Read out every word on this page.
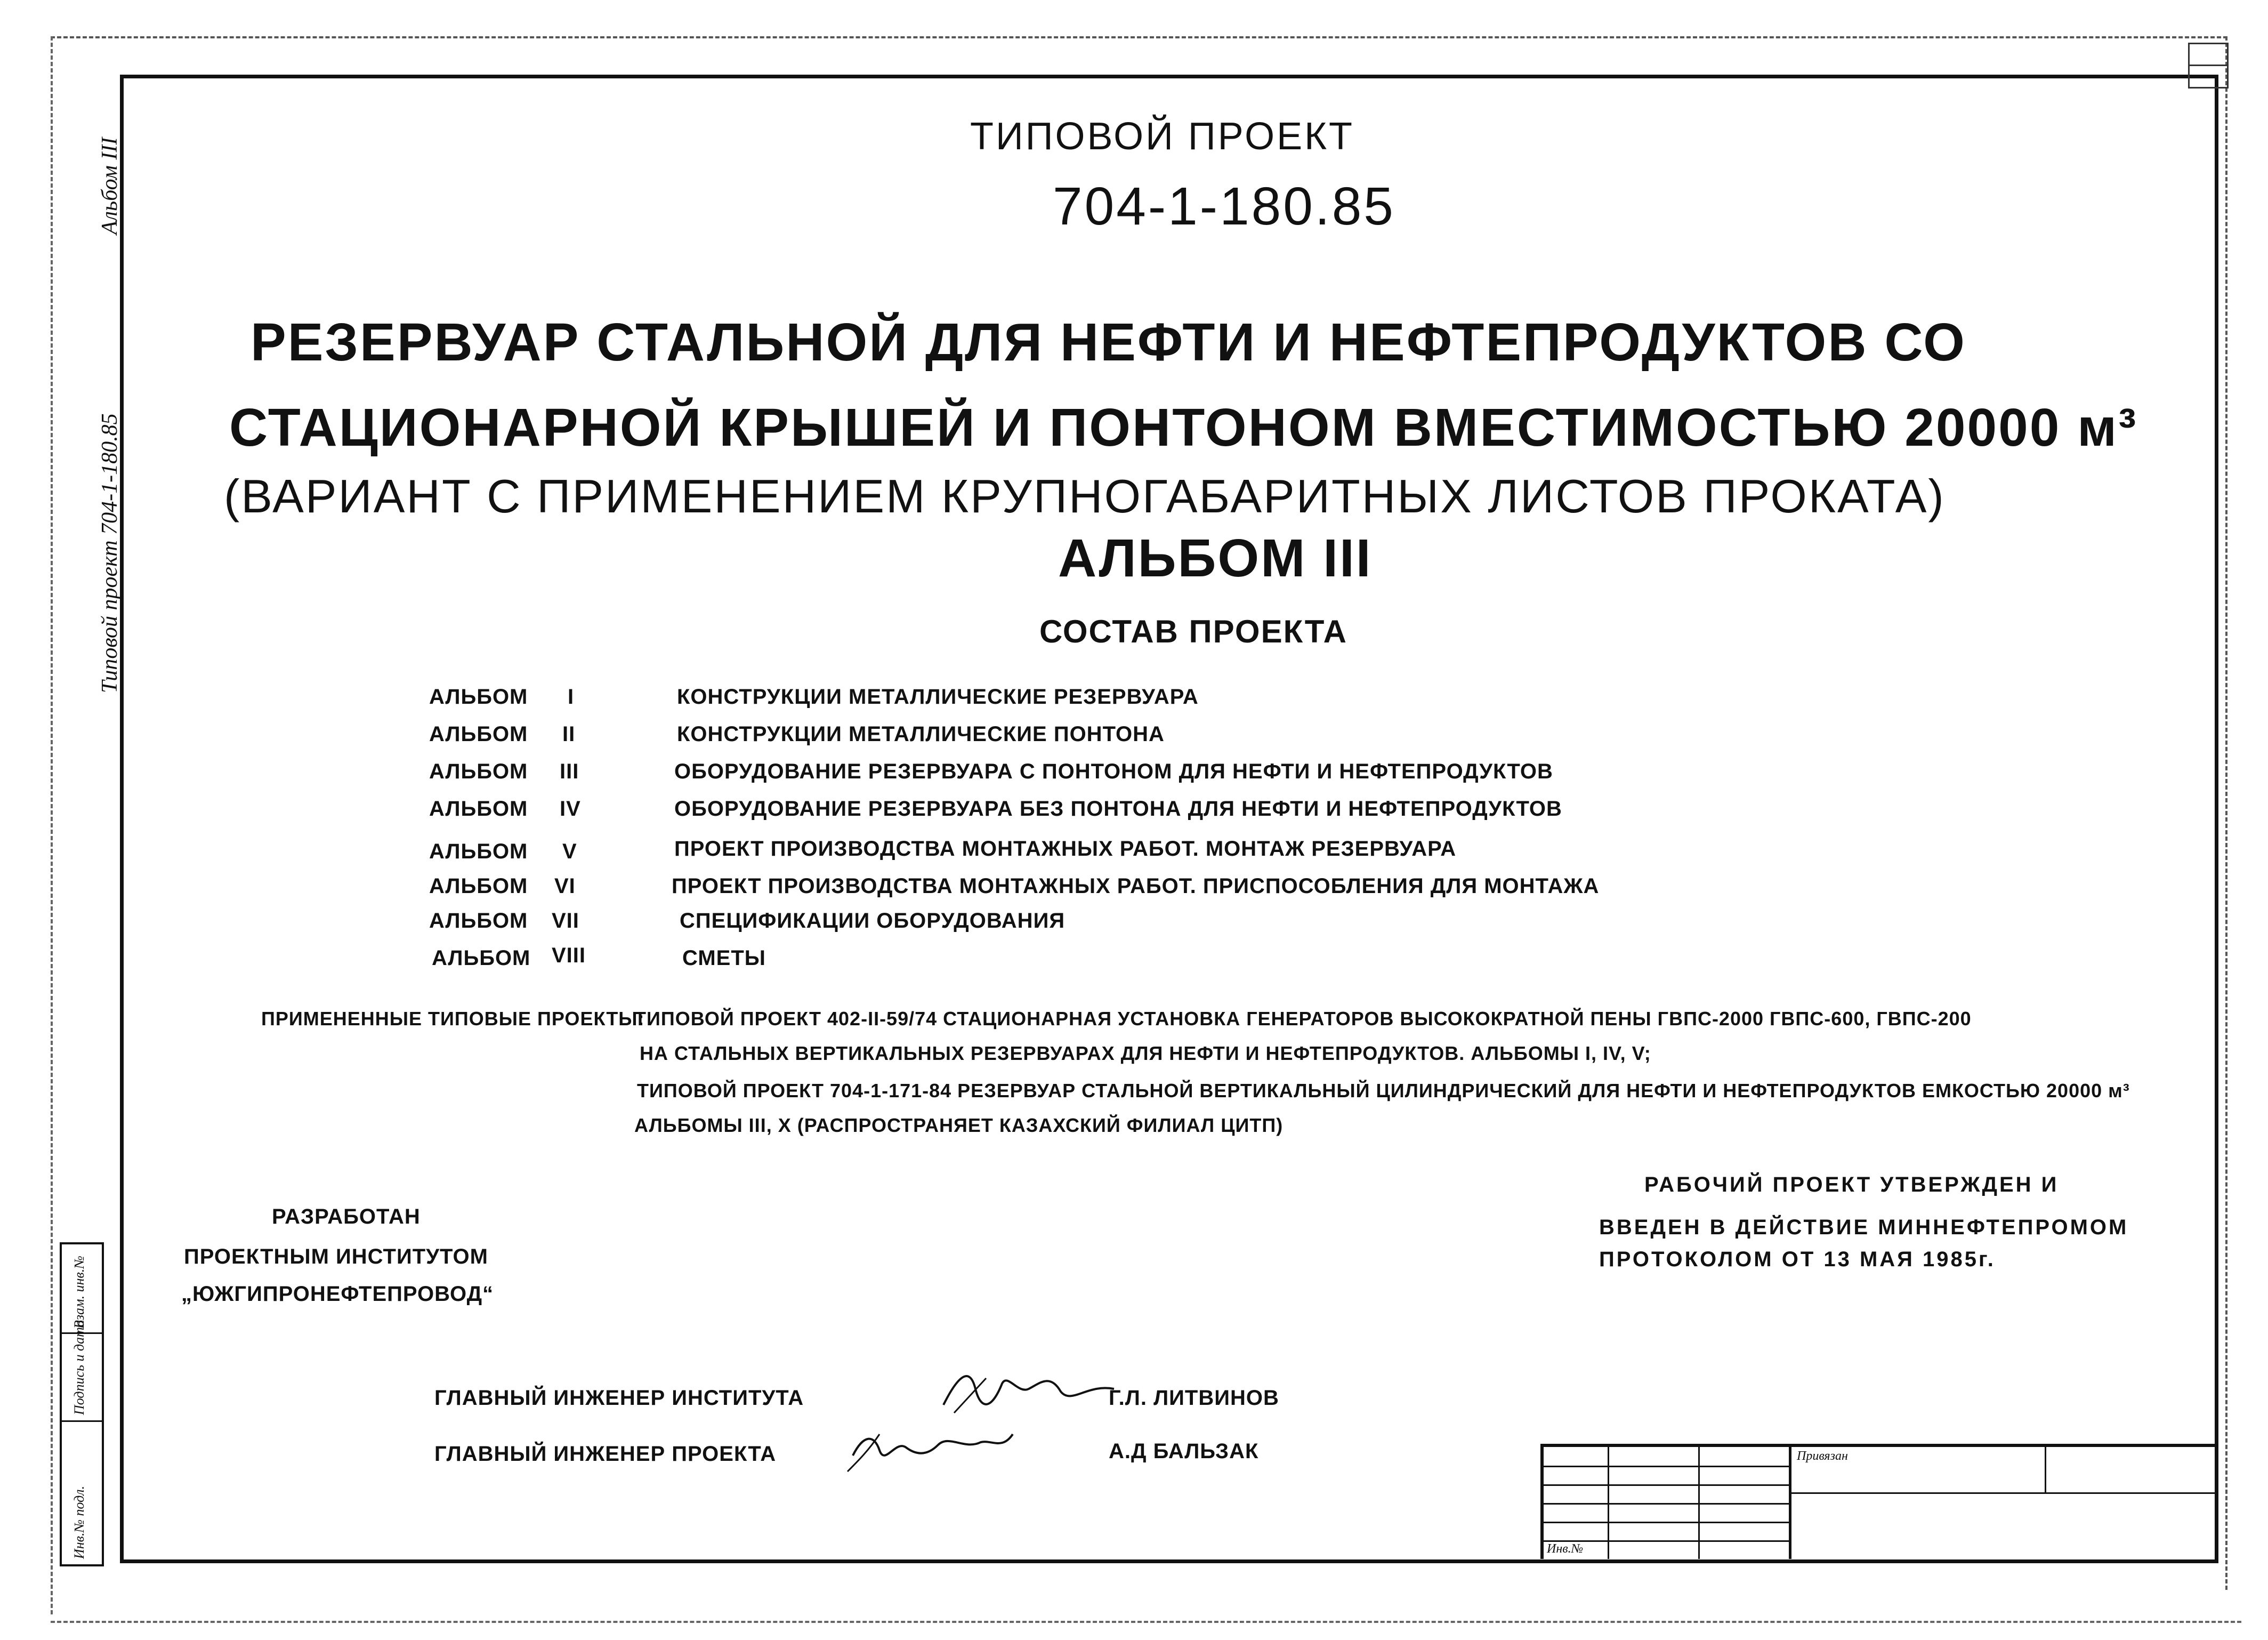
Альбом III
Типовой проект 704-1-180.85
ТИПОВОЙ ПРОЕКТ
704-1-180.85
РЕЗЕРВУАР СТАЛЬНОЙ ДЛЯ НЕФТИ И НЕФТЕПРОДУКТОВ СО
СТАЦИОНАРНОЙ КРЫШЕЙ И ПОНТОНОМ ВМЕСТИМОСТЬЮ 20000 м³
(ВАРИАНТ С ПРИМЕНЕНИЕМ КРУПНОГАБАРИТНЫХ ЛИСТОВ ПРОКАТА)
АЛЬБОМ III
СОСТАВ ПРОЕКТА
АЛЬБОМ I	КОНСТРУКЦИИ МЕТАЛЛИЧЕСКИЕ РЕЗЕРВУАРА
АЛЬБОМ II	КОНСТРУКЦИИ МЕТАЛЛИЧЕСКИЕ ПОНТОНА
АЛЬБОМ III	ОБОРУДОВАНИЕ РЕЗЕРВУАРА С ПОНТОНОМ ДЛЯ НЕФТИ И НЕФТЕПРОДУКТОВ
АЛЬБОМ IV	ОБОРУДОВАНИЕ РЕЗЕРВУАРА БЕЗ ПОНТОНА ДЛЯ НЕФТИ И НЕФТЕПРОДУКТОВ
АЛЬБОМ V	ПРОЕКТ ПРОИЗВОДСТВА МОНТАЖНЫХ РАБОТ. МОНТАЖ РЕЗЕРВУАРА
АЛЬБОМ VI	ПРОЕКТ ПРОИЗВОДСТВА МОНТАЖНЫХ РАБОТ. ПРИСПОСОБЛЕНИЯ ДЛЯ МОНТАЖА
АЛЬБОМ VII	СПЕЦИФИКАЦИИ ОБОРУДОВАНИЯ
АЛЬБОМ VIII	СМЕТЫ
ПРИМЕНЕННЫЕ ТИПОВЫЕ ПРОЕКТЫ:
ТИПОВОЙ ПРОЕКТ 402-II-59/74 СТАЦИОНАРНАЯ УСТАНОВКА ГЕНЕРАТОРОВ ВЫСОКОКРАТНОЙ ПЕНЫ ГВПС-2000 ГВПС-600, ГВПС-200
НА СТАЛЬНЫХ ВЕРТИКАЛЬНЫХ РЕЗЕРВУАРАХ ДЛЯ НЕФТИ И НЕФТЕПРОДУКТОВ. АЛЬБОМЫ I, IV, V;
ТИПОВОЙ ПРОЕКТ 704-1-171-84 РЕЗЕРВУАР СТАЛЬНОЙ ВЕРТИКАЛЬНЫЙ ЦИЛИНДРИЧЕСКИЙ ДЛЯ НЕФТИ И НЕФТЕПРОДУКТОВ ЕМКОСТЬЮ 20000 м³
АЛЬБОМЫ III, X (РАСПРОСТРАНЯЕТ КАЗАХСКИЙ ФИЛИАЛ ЦИТП)
РАЗРАБОТАН
ПРОЕКТНЫМ ИНСТИТУТОМ
„ЮЖГИПРОНЕФТЕПРОВОД“
РАБОЧИЙ ПРОЕКТ УТВЕРЖДЕН И
ВВЕДЕН В ДЕЙСТВИЕ МИННЕФТЕПРОМОМ
ПРОТОКОЛОМ ОТ 13 МАЯ 1985г.
ГЛАВНЫЙ ИНЖЕНЕР ИНСТИТУТА	Г.Л. ЛИТВИНОВ
ГЛАВНЫЙ ИНЖЕНЕР ПРОЕКТА	А.Д БАЛЬЗАК
Инв.№ подл.
Подпись и дата
Взам. инв.№
Привязан
Инв.№
